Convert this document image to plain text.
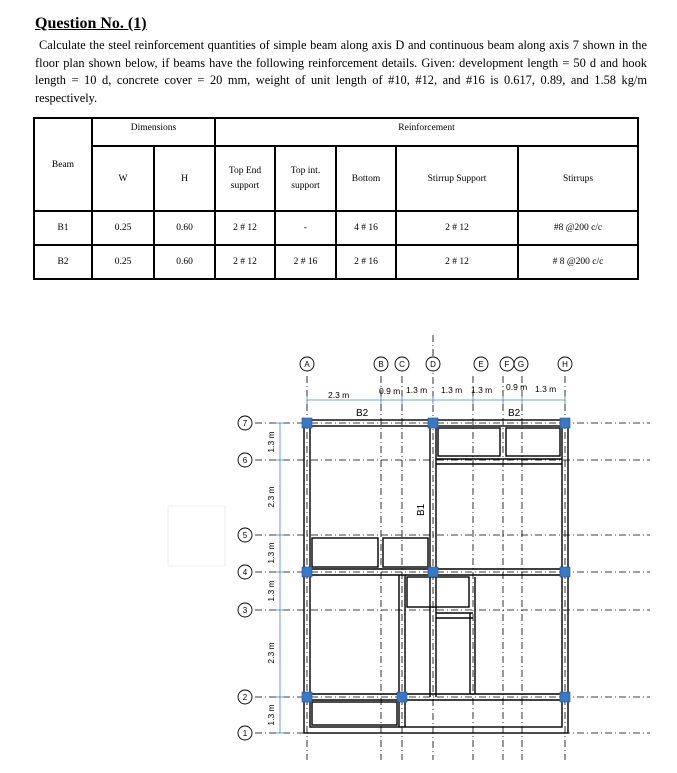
Question No. (1)
Calculate the steel reinforcement quantities of simple beam along axis D and continuous beam along axis 7 shown in the floor plan shown below, if beams have the following reinforcement details. Given: development length = 50 d and hook length = 10 d, concrete cover = 20 mm, weight of unit length of #10, #12, and #16 is 0.617, 0.89, and 1.58 kg/m respectively.
Beam	Dimensions		Reinforcement				
	W	H	Top End support	Top int. support	Bottom	Stirrup Support	Stirrups
B1	0.25	0.60	2 # 12	-	4 # 16	2 # 12	#8 @200 c/c
B2	0.25	0.60	2 # 12	2 # 16	2 # 16	2 # 12	# 8 @200 c/c
A	B C	D	E	F G	H
2.3 m	0.9 m 1.3 m 1.3 m 1.3 m 0.9 m 1.3 m
B2	B2
B1
7
6
5
4
3
2
1
1.3 m
2.3 m
1.3 m
1.3 m
2.3 m
1.3 m
